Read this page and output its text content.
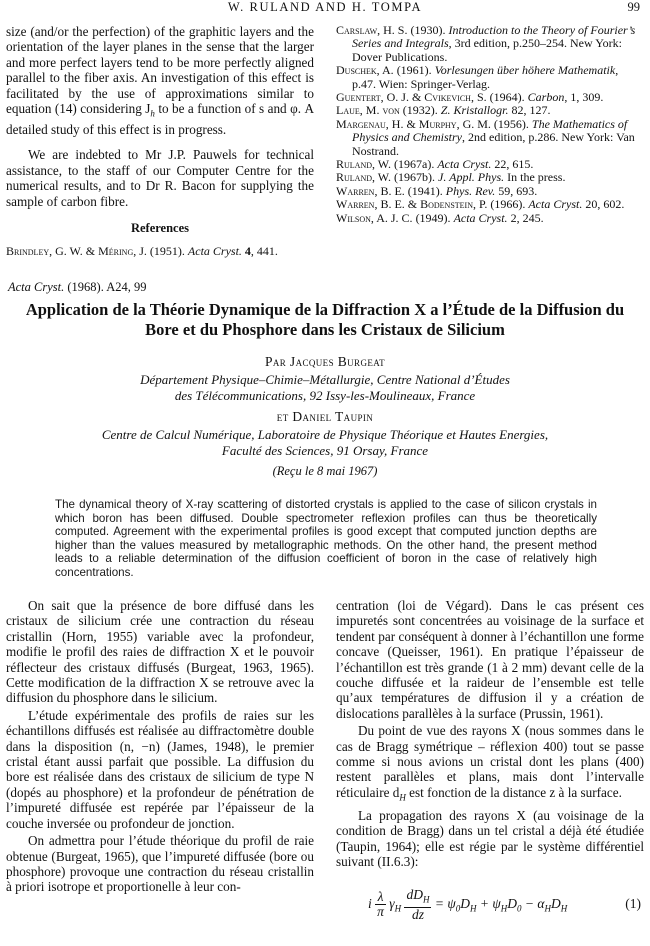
W. RULAND AND H. TOMPA	99

size (and/or the perfection) of the graphitic layers and the orientation of the layer planes in the sense that the larger and more perfect layers tend to be more perfectly aligned parallel to the fiber axis. An investigation of this effect is facilitated by the use of approximations similar to equation (14) considering $J_h$ to be a function of s and φ. A detailed study of this effect is in progress.

We are indebted to Mr J.P. Pauwels for technical assistance, to the staff of our Computer Centre for the numerical results, and to Dr R. Bacon for supplying the sample of carbon fibre.

References
Brindley, G. W. & Méring, J. (1951). Acta Cryst. 4, 441.
Carslaw, H. S. (1930). Introduction to the Theory of Fourier’s Series and Integrals, 3rd edition, p.250–254. New York: Dover Publications.
Duschek, A. (1961). Vorlesungen über höhere Mathematik, p.47. Wien: Springer-Verlag.
Guentert, O. J. & Cvikevich, S. (1964). Carbon, 1, 309.
Laue, M. von (1932). Z. Kristallogr. 82, 127.
Margenau, H. & Murphy, G. M. (1956). The Mathematics of Physics and Chemistry, 2nd edition, p.286. New York: Van Nostrand.
Ruland, W. (1967a). Acta Cryst. 22, 615.
Ruland, W. (1967b). J. Appl. Phys. In the press.
Warren, B. E. (1941). Phys. Rev. 59, 693.
Warren, B. E. & Bodenstein, P. (1966). Acta Cryst. 20, 602.
Wilson, A. J. C. (1949). Acta Cryst. 2, 245.
Acta Cryst. (1968). A24, 99
Application de la Théorie Dynamique de la Diffraction X a l’Étude de la Diffusion du Bore et du Phosphore dans les Cristaux de Silicium
Par Jacques Burgeat
Département Physique–Chimie–Métallurgie, Centre National d’Études
des Télécommunications, 92 Issy-les-Moulineaux, France
et Daniel Taupin
Centre de Calcul Numérique, Laboratoire de Physique Théorique et Hautes Energies,
Faculté des Sciences, 91 Orsay, France
(Reçu le 8 mai 1967)
The dynamical theory of X-ray scattering of distorted crystals is applied to the case of silicon crystals in which boron has been diffused. Double spectrometer reflexion profiles can thus be theoretically computed. Agreement with the experimental profiles is good except that computed junction depths are higher than the values measured by metallographic methods. On the other hand, the present method leads to a reliable determination of the diffusion coefficient of boron in the case of relatively high concentrations.

On sait que la présence de bore diffusé dans les cristaux de silicium crée une contraction du réseau cristallin (Horn, 1955) variable avec la profondeur, modifie le profil des raies de diffraction X et le pouvoir réflecteur des cristaux diffusés (Burgeat, 1963, 1965). Cette modification de la diffraction X se retrouve avec la diffusion du phosphore dans le silicium.

L’étude expérimentale des profils de raies sur les échantillons diffusés est réalisée au diffractomètre double dans la disposition (n, −n) (James, 1948), le premier cristal étant aussi parfait que possible. La diffusion du bore est réalisée dans des cristaux de silicium de type N (dopés au phosphore) et la profondeur de pénétration de l’impureté diffusée est repérée par l’épaisseur de la couche inversée ou profondeur de jonction.

On admettra pour l’étude théorique du profil de raie obtenue (Burgeat, 1965), que l’impureté diffusée (bore ou phosphore) provoque une contraction du réseau cristallin à priori isotrope et proportionelle à leur con-

centration (loi de Végard). Dans le cas présent ces impuretés sont concentrées au voisinage de la surface et tendent par conséquent à donner à l’échantillon une forme concave (Queisser, 1961). En pratique l’épaisseur de l’échantillon est très grande (1 à 2 mm) devant celle de la couche diffusée et la raideur de l’ensemble est telle qu’aux températures de diffusion il y a création de dislocations parallèles à la surface (Prussin, 1961).

Du point de vue des rayons X (nous sommes dans le cas de Bragg symétrique – réflexion 400) tout se passe comme si nous avions un cristal dont les plans (400) restent parallèles et plans, mais dont l’intervalle réticulaire $d_H$ est fonction de la distance z à la surface.

La propagation des rayons X (au voisinage de la condition de Bragg) dans un tel cristal a déjà été étudiée (Taupin, 1964); elle est régie par le système différentiel suivant (II.6.3):

i $\frac{\lambda}{\pi} \gamma_H \frac{dD_H}{dz} = \psi_0D_H + \psi_HD_0 - \alpha_HD_H$	(1)
